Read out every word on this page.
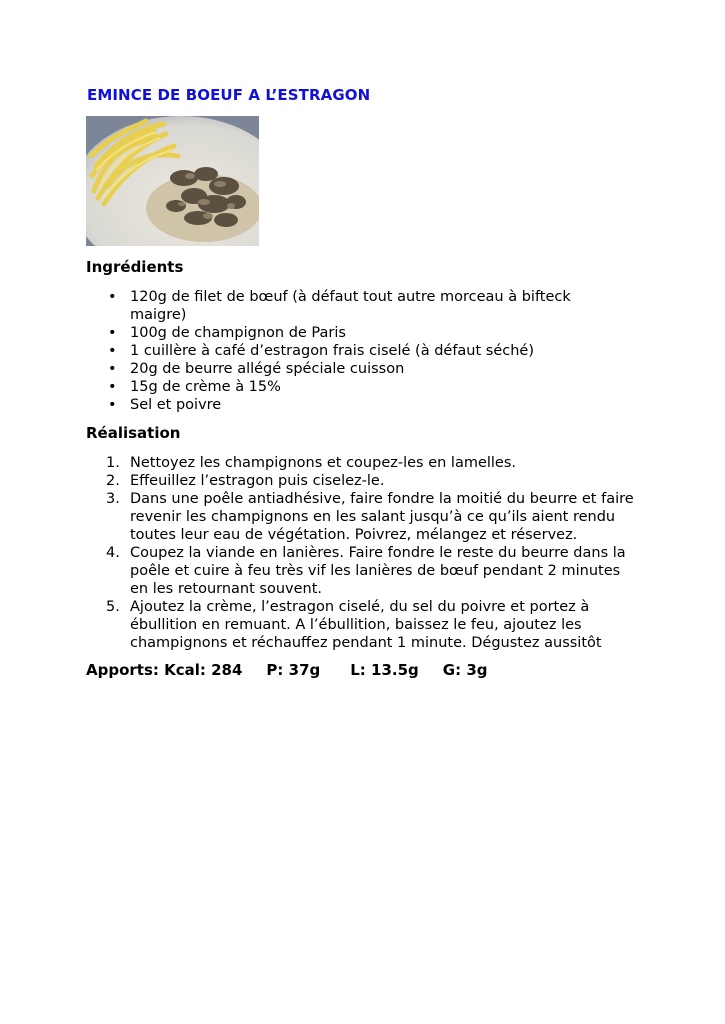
EMINCE DE BOEUF A L’ESTRAGON
Ingrédients
• 120g de filet de bœuf (à défaut tout autre morceau à bifteck maigre)
• 100g de champignon de Paris
• 1 cuillère à café d’estragon frais ciselé (à défaut séché)
• 20g de beurre allégé spéciale cuisson
• 15g de crème à 15%
• Sel et poivre
Réalisation
1. Nettoyez les champignons et coupez-les en lamelles.
2. Effeuillez l’estragon puis ciselez-le.
3. Dans une poêle antiadhésive, faire fondre la moitié du beurre et faire revenir les champignons en les salant jusqu’à ce qu’ils aient rendu toutes leur eau de végétation. Poivrez, mélangez et réservez.
4. Coupez la viande en lanières. Faire fondre le reste du beurre dans la poêle et cuire à feu très vif les lanières de bœuf pendant 2 minutes en les retournant souvent.
5. Ajoutez la crème, l’estragon ciselé, du sel du poivre et portez à ébullition en remuant. A l’ébullition, baissez le feu, ajoutez les champignons et réchauffez pendant 1 minute. Dégustez aussitôt
Apports: Kcal: 284 P: 37g L: 13.5g G: 3g
